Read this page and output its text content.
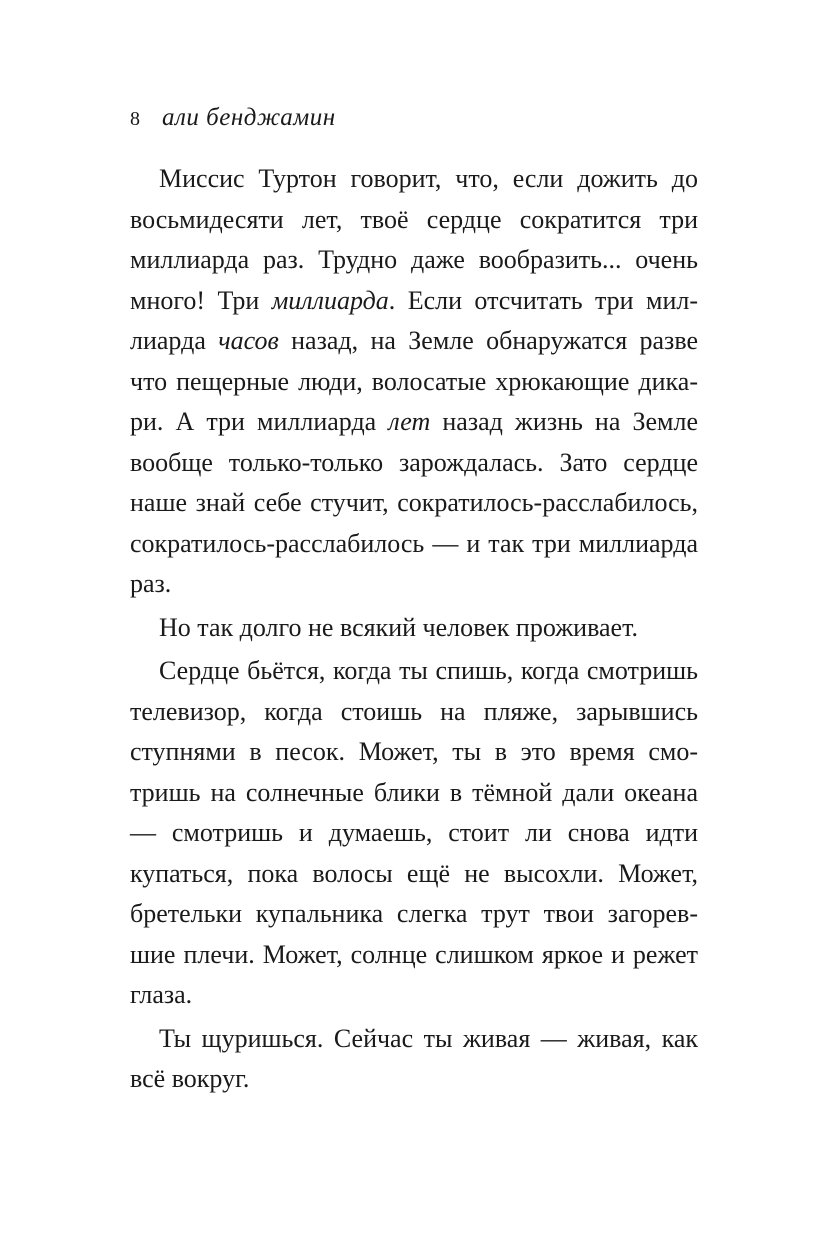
8 али бенджамин

Миссис Туртон говорит, что, если дожить до восьмидесяти лет, твоё сердце сократится три миллиарда раз. Трудно даже вообразить... очень много! Три миллиарда. Если отсчитать три миллиарда часов назад, на Земле обнаружатся разве что пещерные люди, волосатые хрюкающие дикари. А три миллиарда лет назад жизнь на Земле вообще только-только зарождалась. Зато сердце наше знай себе стучит, сократилось-расслабилось, сократилось-расслабилось — и так три миллиарда раз.

Но так долго не всякий человек проживает.

Сердце бьётся, когда ты спишь, когда смотришь телевизор, когда стоишь на пляже, зарывшись ступнями в песок. Может, ты в это время смотришь на солнечные блики в тёмной дали океана — смотришь и думаешь, стоит ли снова идти купаться, пока волосы ещё не высохли. Может, бретельки купальника слегка трут твои загоревшие плечи. Может, солнце слишком яркое и режет глаза.

Ты щуришься. Сейчас ты живая — живая, как всё вокруг.
